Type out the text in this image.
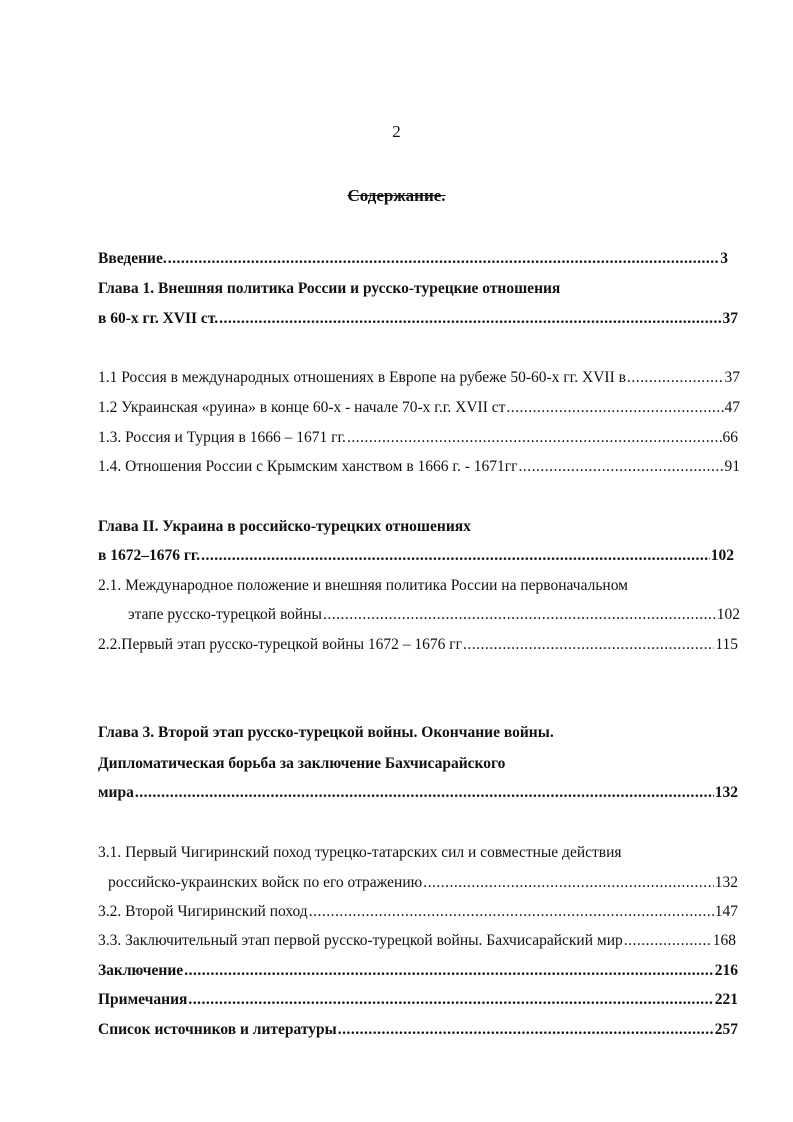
2
Содержание.
Введение. .....	3
Глава 1. Внешняя политика России и русско-турецкие отношения
в 60-х гг. XVII ст. .....	37
1.1 Россия в международных отношениях в Европе на рубеже 50-60-х гг. XVII в .....	37
1.2 Украинская «руина» в конце 60-х - начале 70-х г.г. XVII ст .....	47
1.3. Россия и Турция в 1666 – 1671 гг. .....	66
1.4. Отношения России с Крымским ханством в 1666 г. - 1671гг .....	91
Глава II. Украина в российско-турецких отношениях
в 1672–1676 гг. .....	102
2.1. Международное положение и внешняя политика России на первоначальном
этапе русско-турецкой войны .....	102
2.2.Первый этап русско-турецкой войны 1672 – 1676 гг .....	115
Глава 3. Второй этап русско-турецкой войны. Окончание войны.
Дипломатическая борьба за заключение Бахчисарайского
мира .....	132
3.1. Первый Чигиринский поход турецко-татарских сил и совместные действия
российско-украинских войск по его отражению .....	132
3.2. Второй Чигиринский поход .....	147
3.3. Заключительный этап первой русско-турецкой войны. Бахчисарайский мир .....	168
Заключение .....	216
Примечания .....	221
Список источников и литературы .....	257
